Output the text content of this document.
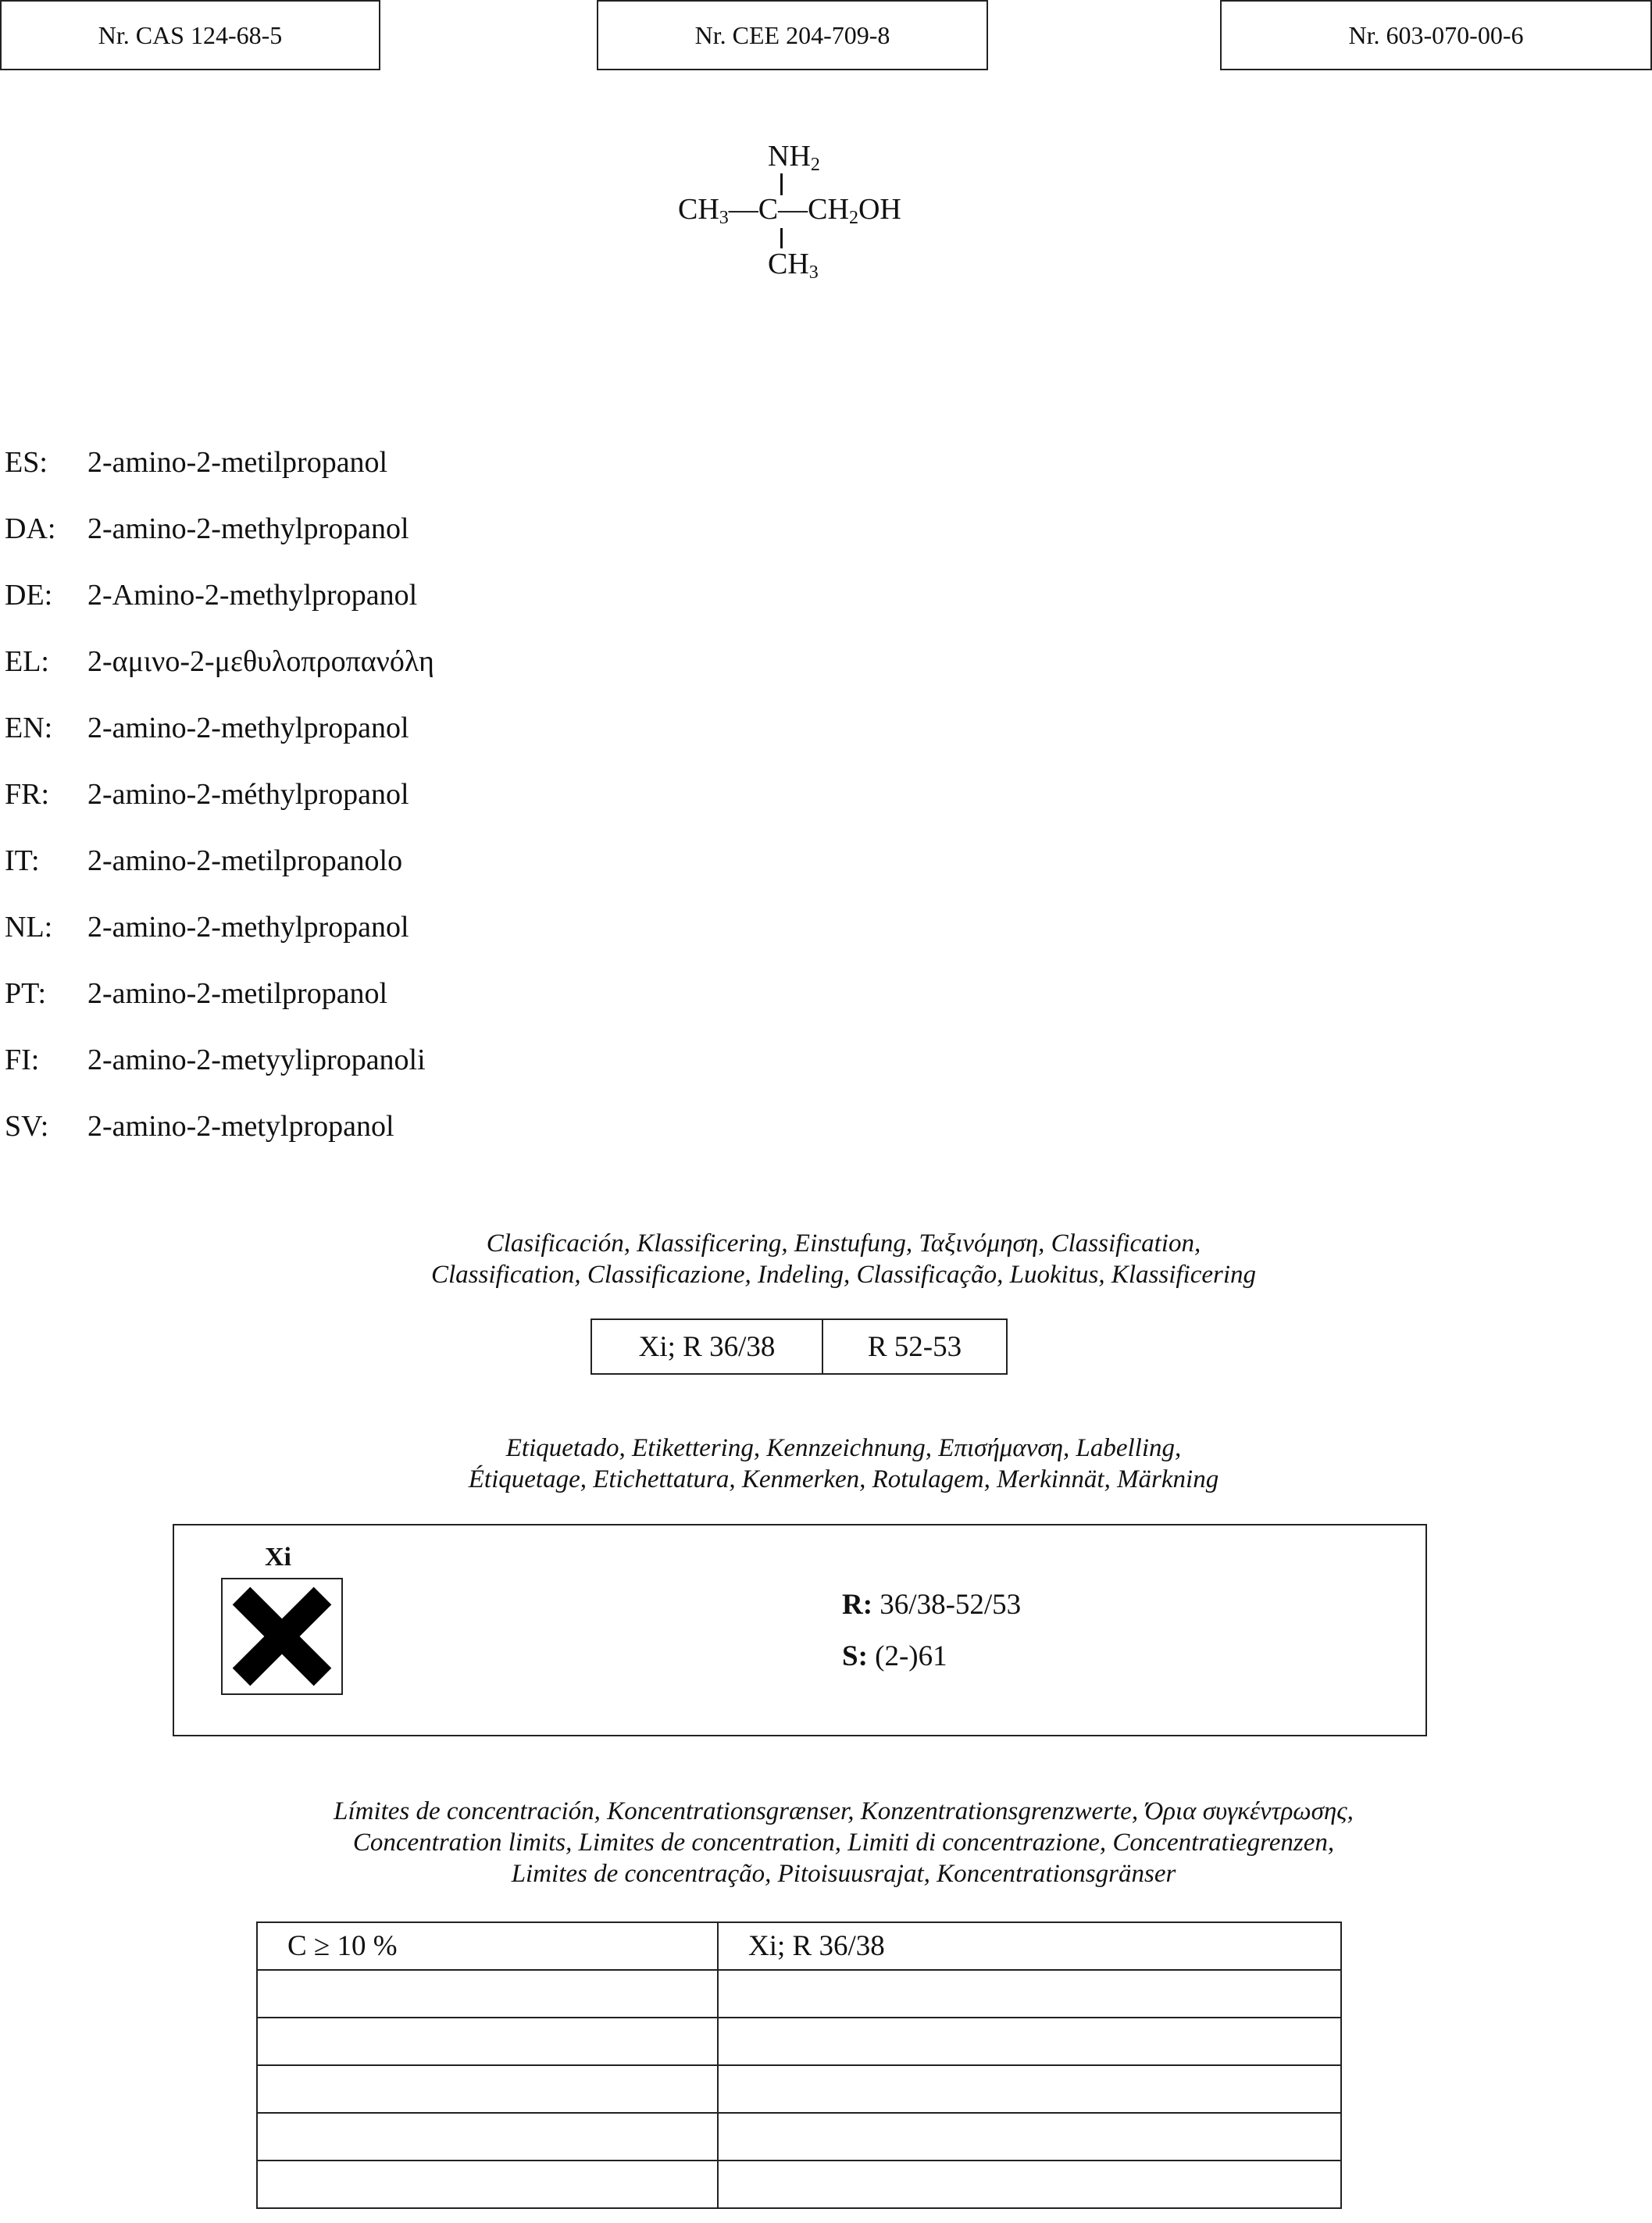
Nr. CAS 124-68-5	Nr. CEE 204-709-8	Nr. 603-070-00-6
$NH_2$
$CH_3—C—CH_2OH$
$CH_3$
ES:	2-amino-2-metilpropanol
DA:	2-amino-2-methylpropanol
DE:	2-Amino-2-methylpropanol
EL:	2-αμινο-2-μεθυλοπροπανόλη
EN:	2-amino-2-methylpropanol
FR:	2-amino-2-méthylpropanol
IT:	2-amino-2-metilpropanolo
NL:	2-amino-2-methylpropanol
PT:	2-amino-2-metilpropanol
FI:	2-amino-2-metyylipropanoli
SV:	2-amino-2-metylpropanol
Clasificación, Klassificering, Einstufung, Ταξινόμηση, Classification,
Classification, Classificazione, Indeling, Classificação, Luokitus, Klassificering
Xi; R 36/38	R 52-53
Etiquetado, Etikettering, Kennzeichnung, Επισήμανση, Labelling,
Étiquetage, Etichettatura, Kenmerken, Rotulagem, Merkinnät, Märkning
Xi
R: 36/38-52/53
S: (2-)61
Límites de concentración, Koncentrationsgrænser, Konzentrationsgrenzwerte, Όρια συγκέντρωσης,
Concentration limits, Limites de concentration, Limiti di concentrazione, Concentratiegrenzen,
Limites de concentração, Pitoisuusrajat, Koncentrationsgränser
C ≥ 10 %	Xi; R 36/38
